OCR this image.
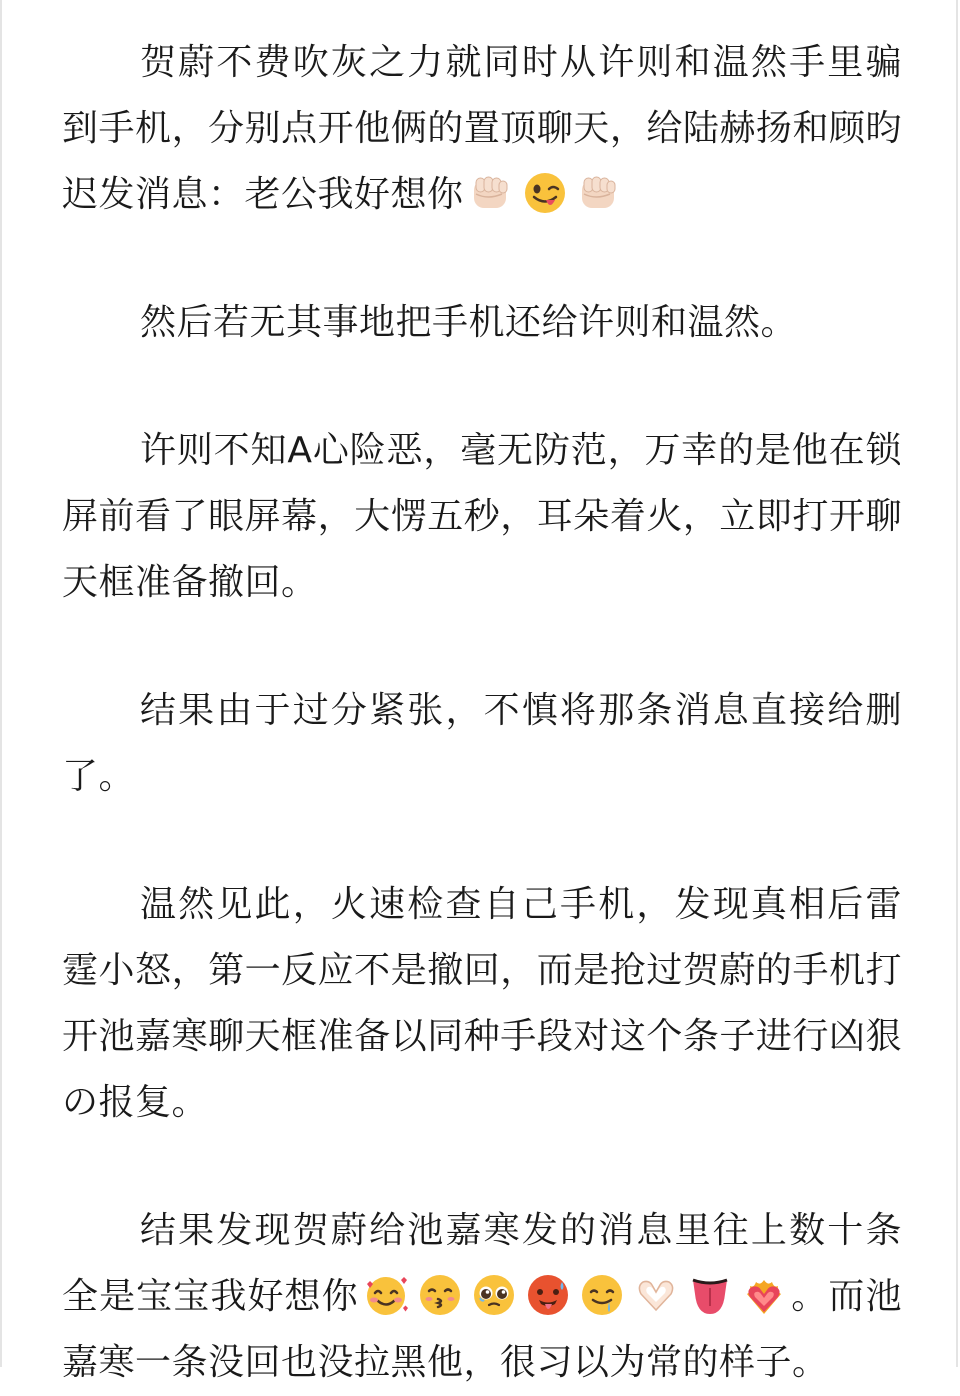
贺蔚不费吹灰之力就同时从许则和温然手里骗到手机，分别点开他俩的置顶聊天，给陆赫扬和顾昀迟发消息：老公我好想你

然后若无其事地把手机还给许则和温然。

许则不知A心险恶，毫无防范，万幸的是他在锁屏前看了眼屏幕，大愣五秒，耳朵着火，立即打开聊天框准备撤回。

结果由于过分紧张，不慎将那条消息直接给删了。

温然见此，火速检查自己手机，发现真相后雷霆小怒，第一反应不是撤回，而是抢过贺蔚的手机打开池嘉寒聊天框准备以同种手段对这个条子进行凶狠の报复。

结果发现贺蔚给池嘉寒发的消息里往上数十条全是宝宝我好想你	。而池嘉寒一条没回也没拉黑他，很习以为常的样子。
